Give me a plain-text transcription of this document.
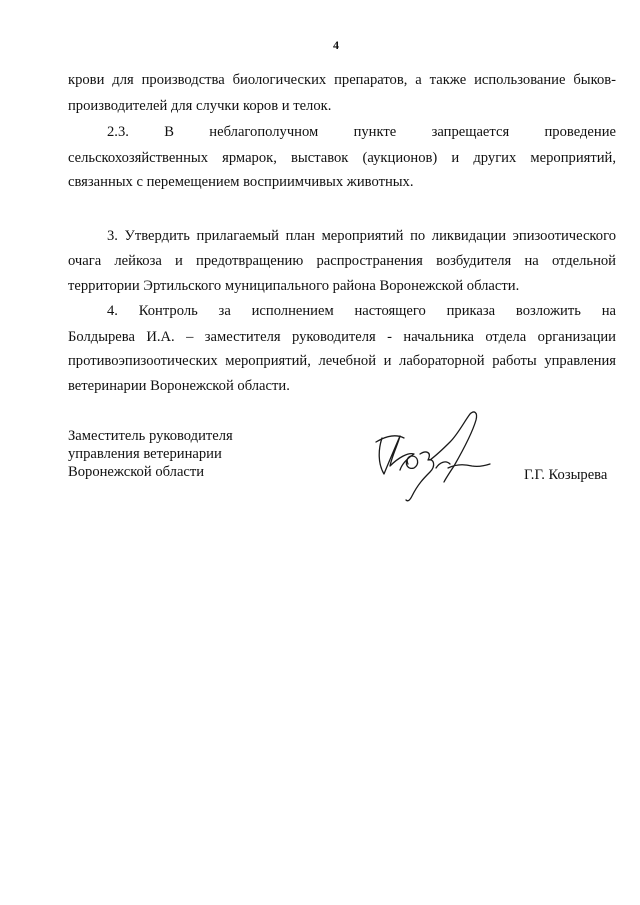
4
крови для производства биологических препаратов, а также использование быков-
производителей для случки коров и телок.
2.3. В неблагополучном пункте запрещается проведение
сельскохозяйственных ярмарок, выставок (аукционов) и других мероприятий,
связанных с перемещением восприимчивых животных.
3. Утвердить прилагаемый план мероприятий по ликвидации эпизоотического
очага лейкоза и предотвращению распространения возбудителя на отдельной
территории Эртильского муниципального района Воронежской области.
4. Контроль за исполнением настоящего приказа возложить на
Болдырева И.А. – заместителя руководителя - начальника отдела организации
противоэпизоотических мероприятий, лечебной и лабораторной работы управления
ветеринарии Воронежской области.
Заместитель руководителя
управления ветеринарии
Воронежской области	Г.Г. Козырева
